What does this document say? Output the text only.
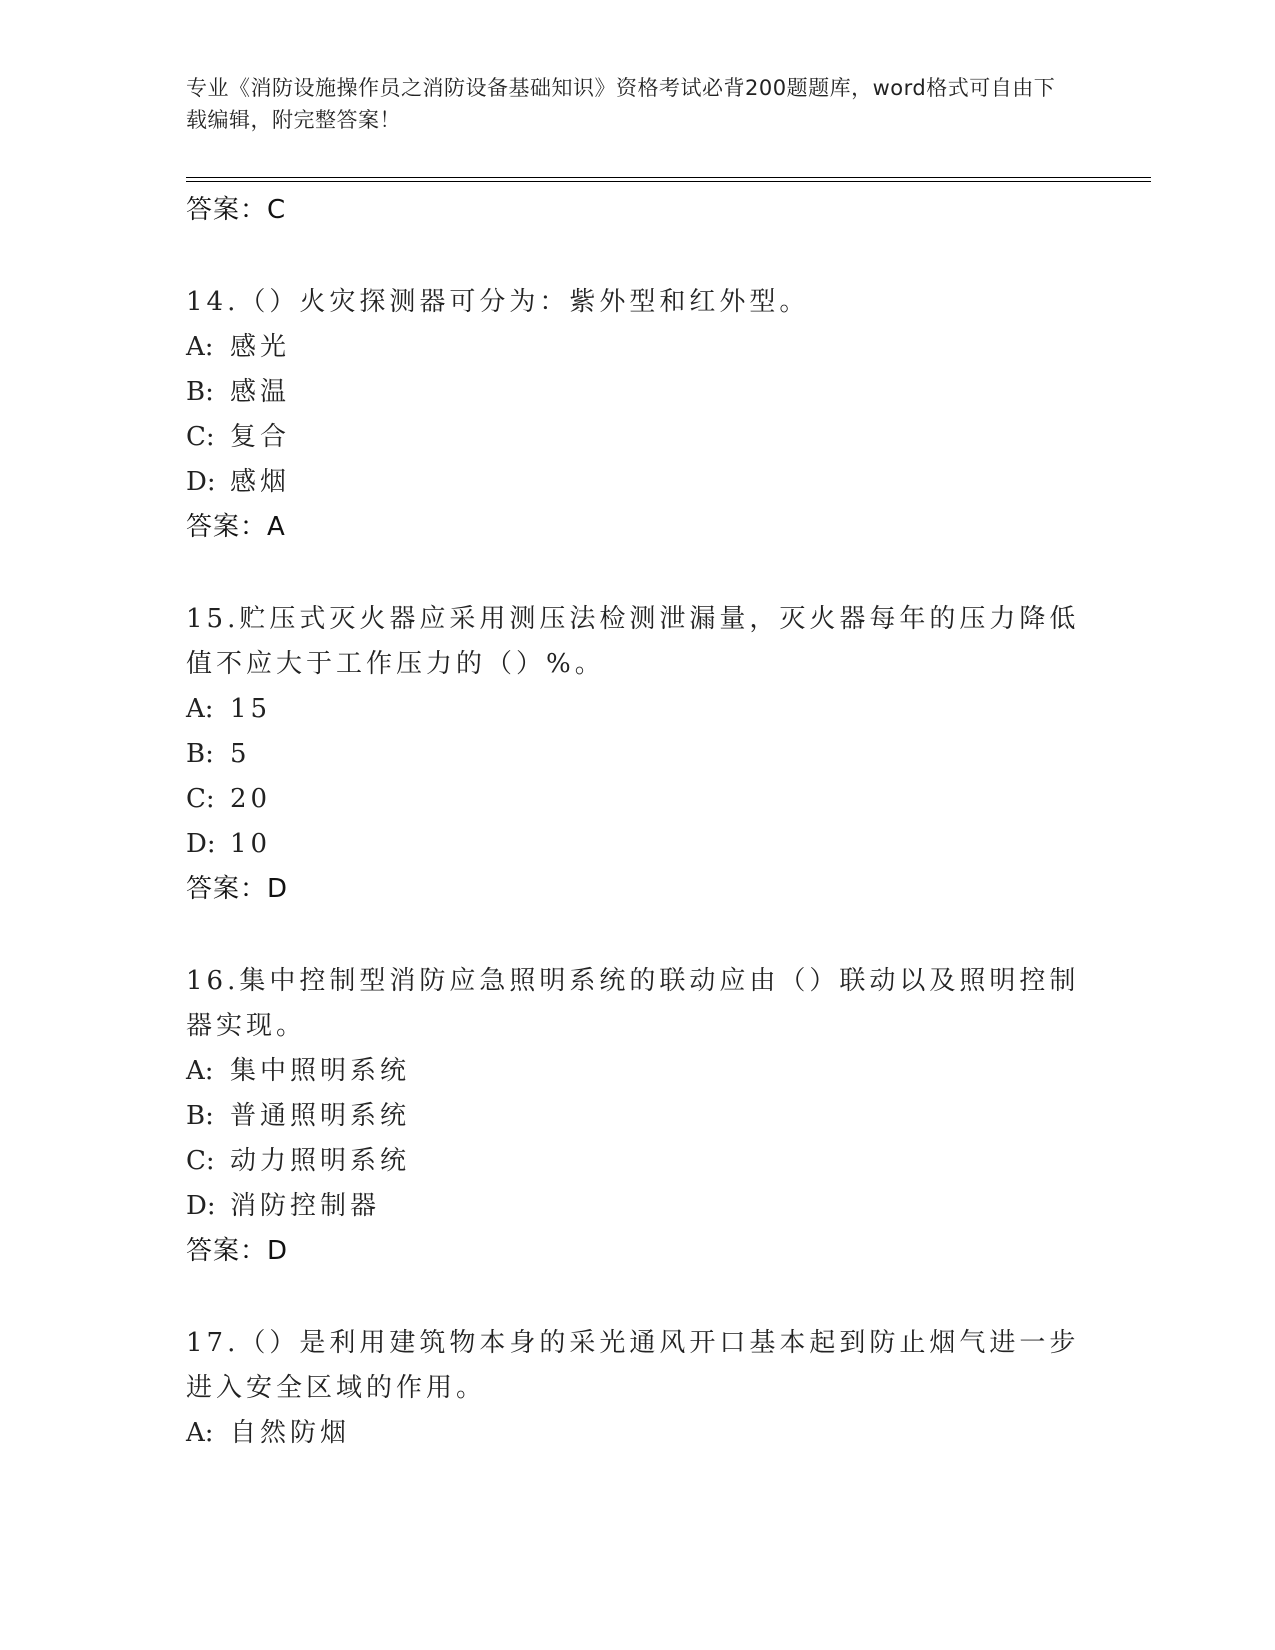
专业《消防设施操作员之消防设备基础知识》资格考试必背200题题库，word格式可自由下载编辑，附完整答案！
答案：C
14.（）火灾探测器可分为：紫外型和红外型。
A: 感光
B: 感温
C: 复合
D: 感烟
答案：A
15.贮压式灭火器应采用测压法检测泄漏量，灭火器每年的压力降低值不应大于工作压力的（）%。
A: 15
B: 5
C: 20
D: 10
答案：D
16.集中控制型消防应急照明系统的联动应由（）联动以及照明控制器实现。
A: 集中照明系统
B: 普通照明系统
C: 动力照明系统
D: 消防控制器
答案：D
17.（）是利用建筑物本身的采光通风开口基本起到防止烟气进一步进入安全区域的作用。
A: 自然防烟
